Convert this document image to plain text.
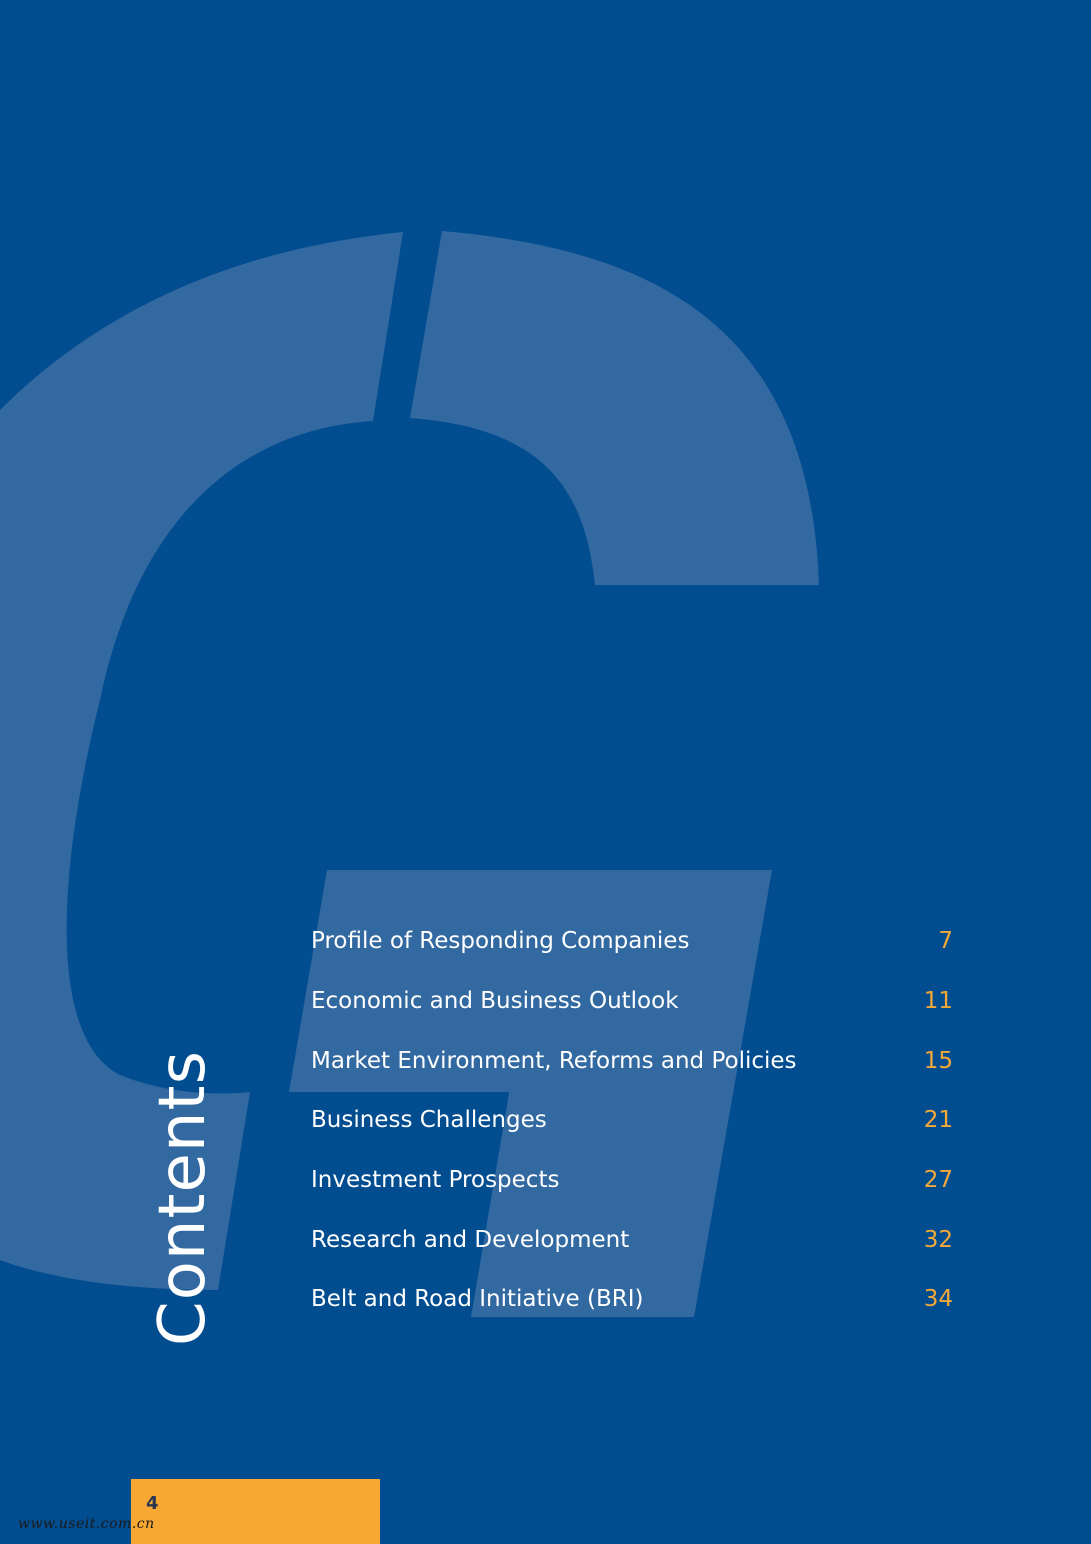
Contents
Profile of Responding Companies	7
Economic and Business Outlook	11
Market Environment, Reforms and Policies	15
Business Challenges	21
Investment Prospects	27
Research and Development	32
Belt and Road Initiative (BRI)	34
4
www.useit.com.cn
